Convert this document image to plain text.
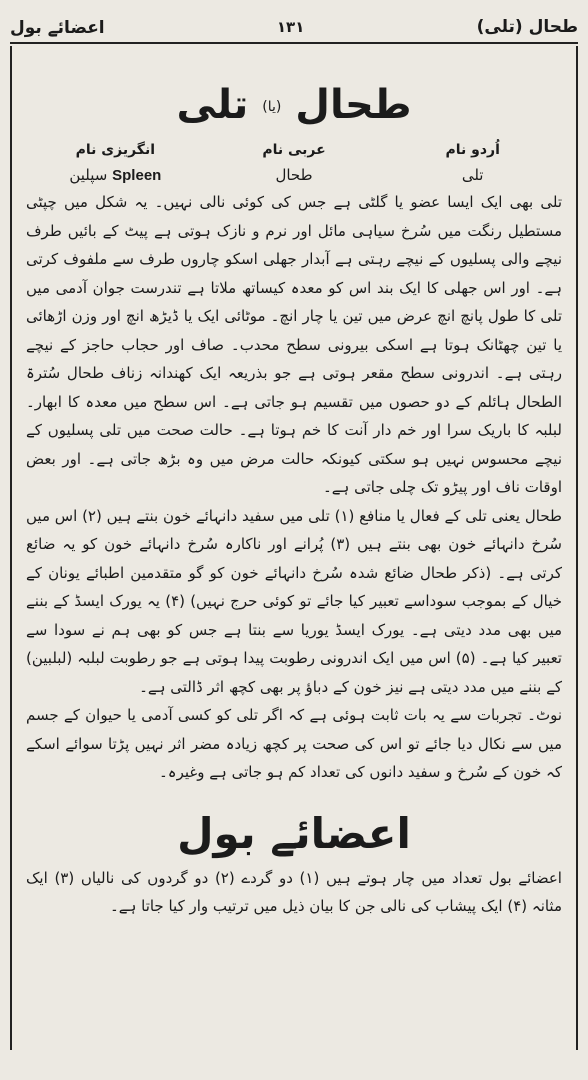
طحال (تلی)
۱۳۱
اعضائے بول
طحال (یا) تلی
اُردو نام
تلی
عربی نام
طحال
انگریزی نام
Spleen سپلین

تلی بھی ایک ایسا عضو یا گلٹی ہے جس کی کوئی نالی نہیں۔ یہ شکل میں چپٹی مستطیل رنگت میں سُرخ سیاہی مائل اور نرم و نازک ہوتی ہے پیٹ کے بائیں طرف نیچے والی پسلیوں کے نیچے رہتی ہے آبدار جھلی اسکو چاروں طرف سے ملفوف کرتی ہے۔ اور اس جھلی کا ایک بند اس کو معدہ کیساتھ ملاتا ہے تندرست جوان آدمی میں تلی کا طول پانچ انچ عرض میں تین یا چار انچ۔ موٹائی ایک یا ڈیڑھ انچ اور وزن اڑھائی یا تین چھٹانک ہوتا ہے اسکی بیرونی سطح محدب۔ صاف اور حجاب حاجز کے نیچے رہتی ہے۔ اندرونی سطح مقعر ہوتی ہے جو بذریعہ ایک کھندانہ زناف طحال سُترۃ الطحال ہائلم کے دو حصوں میں تقسیم ہو جاتی ہے۔ اس سطح میں معدہ کا ابھار۔ لبلبہ کا باریک سرا اور خم دار آنت کا خم ہوتا ہے۔ حالت صحت میں تلی پسلیوں کے نیچے محسوس نہیں ہو سکتی کیونکہ حالت مرض میں وہ بڑھ جاتی ہے۔ اور بعض اوقات ناف اور پیڑو تک چلی جاتی ہے۔

طحال یعنی تلی کے فعال یا منافع (۱) تلی میں سفید دانہائے خون بنتے ہیں (۲) اس میں سُرخ دانہائے خون بھی بنتے ہیں (۳) پُرانے اور ناکارہ سُرخ دانہائے خون کو یہ ضائع کرتی ہے۔ (ذکر طحال ضائع شدہ سُرخ دانہائے خون کو گو متقدمین اطبائے یونان کے خیال کے بموجب سوداسے تعبیر کیا جائے تو کوئی حرج نہیں) (۴) یہ یورک ایسڈ کے بننے میں بھی مدد دیتی ہے۔ یورک ایسڈ یوریا سے بنتا ہے جس کو بھی ہم نے سودا سے تعبیر کیا ہے۔ (۵) اس میں ایک اندرونی رطوبت پیدا ہوتی ہے جو رطوبت لبلبہ (لبلبین) کے بننے میں مدد دیتی ہے نیز خون کے دباؤ پر بھی کچھ اثر ڈالتی ہے۔

نوٹ۔ تجربات سے یہ بات ثابت ہوئی ہے کہ اگر تلی کو کسی آدمی یا حیوان کے جسم میں سے نکال دیا جائے تو اس کی صحت پر کچھ زیادہ مضر اثر نہیں پڑتا سوائے اسکے کہ خون کے سُرخ و سفید دانوں کی تعداد کم ہو جاتی ہے وغیرہ۔

اعضائے بول

اعضائے بول تعداد میں چار ہوتے ہیں (۱) دو گردے (۲) دو گردوں کی نالیاں (۳) ایک مثانہ (۴) ایک پیشاب کی نالی جن کا بیان ذیل میں ترتیب وار کیا جاتا ہے۔
